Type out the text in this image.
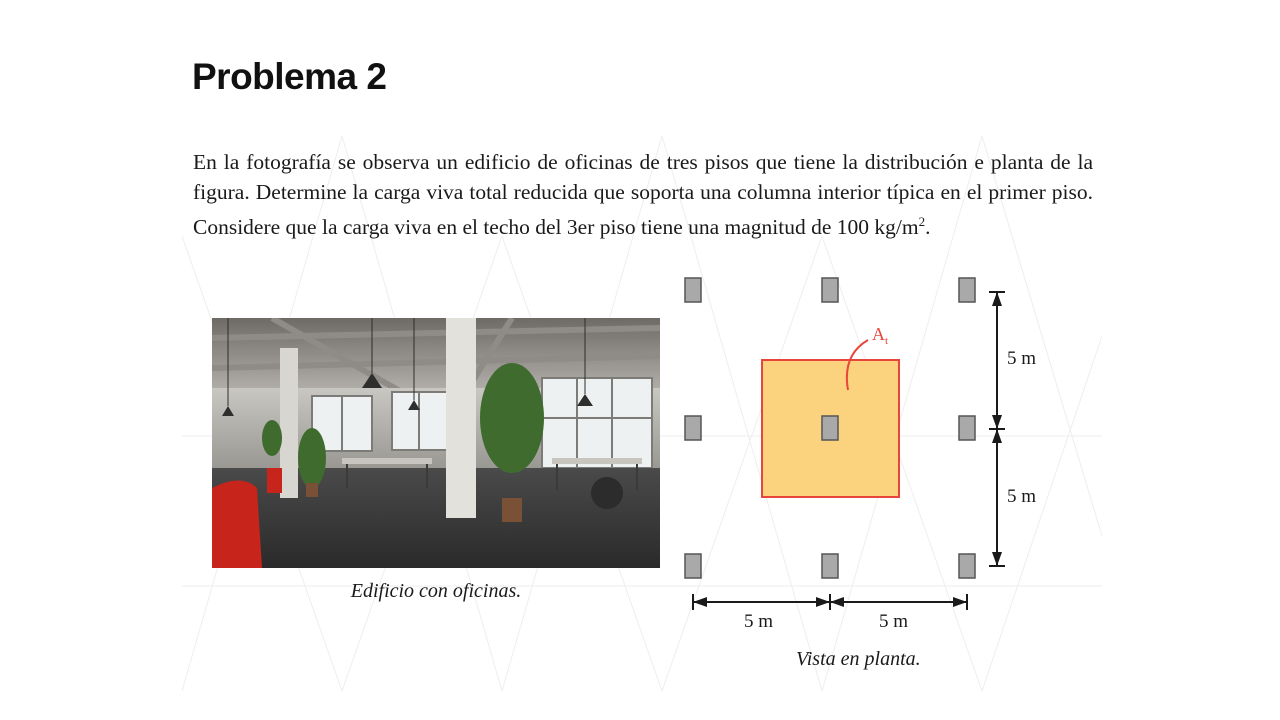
Problema 2
En la fotografía se observa un edificio de oficinas de tres pisos que tiene la distribución e planta de la figura. Determine la carga viva total reducida que soporta una columna interior típica en el primer piso. Considere que la carga viva en el techo del 3er piso tiene una magnitud de 100 $kg/m^2$.
Edificio con oficinas.
$A_t$
5 m
5 m
5 m	5 m
Vista en planta.
